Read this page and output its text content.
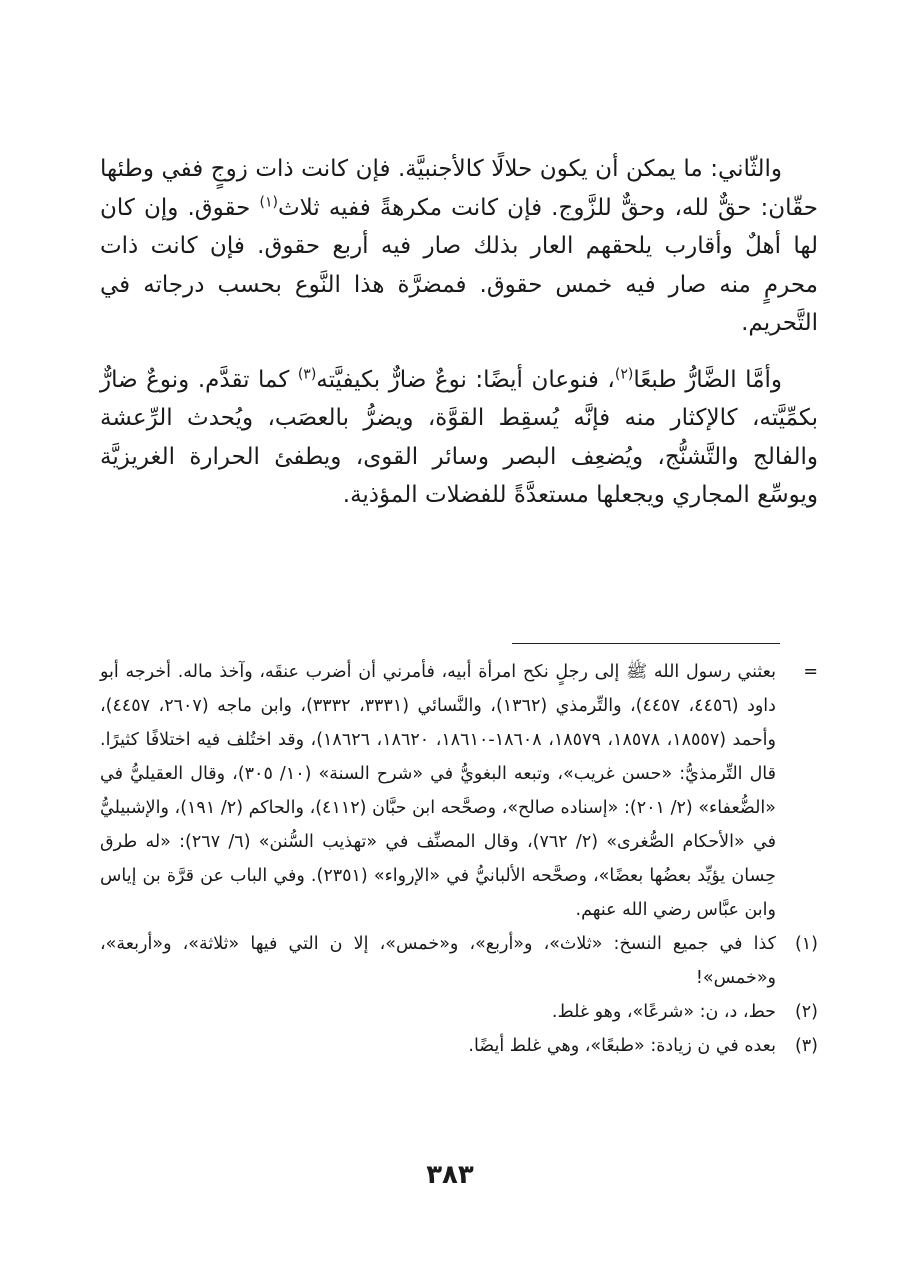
والثّاني: ما يمكن أن يكون حلالًا كالأجنبيَّة. فإن كانت ذات زوجٍ ففي وطئها حقّان: حقٌّ لله، وحقٌّ للزَّوج. فإن كانت مكرهةً ففيه ثلاث$^{(١)}$ حقوق. وإن كان لها أهلٌ وأقارب يلحقهم العار بذلك صار فيه أربع حقوق. فإن كانت ذات محرمٍ منه صار فيه خمس حقوق. فمضرَّة هذا النَّوع بحسب درجاته في التَّحريم.

وأمَّا الضَّارُّ طبعًا$^{(٢)}$، فنوعان أيضًا: نوعٌ ضارٌّ بكيفيَّته$^{(٣)}$ كما تقدَّم. ونوعٌ ضارٌّ بكمِّيَّته، كالإكثار منه فإنَّه يُسقِط القوَّة، ويضرُّ بالعصَب، ويُحدث الرِّعشة والفالج والتَّشنُّج، ويُضعِف البصر وسائر القوى، ويطفئ الحرارة الغريزيَّة ويوسِّع المجاري ويجعلها مستعدَّةً للفضلات المؤذية.

=
بعثني رسول الله ﷺ إلى رجلٍ نكح امرأة أبيه، فأمرني أن أضرب عنقَه، وآخذ ماله. أخرجه أبو داود (٤٤٥٦، ٤٤٥٧)، والتِّرمذي (١٣٦٢)، والنَّسائي (٣٣٣١، ٣٣٣٢)، وابن ماجه (٢٦٠٧، ٤٤٥٧)، وأحمد (١٨٥٥٧، ١٨٥٧٨، ١٨٥٧٩، ١٨٦٠٨-١٨٦١٠، ١٨٦٢٠، ١٨٦٢٦)، وقد اختُلف فيه اختلافًا كثيرًا. قال التِّرمذيُّ: «حسن غريب»، وتبعه البغويُّ في «شرح السنة» (١٠/ ٣٠٥)، وقال العقيليُّ في «الضُّعفاء» (٢/ ٢٠١): «إسناده صالح»، وصحَّحه ابن حبَّان (٤١١٢)، والحاكم (٢/ ١٩١)، والإشبيليُّ في «الأحكام الصُّغرى» (٢/ ٧٦٢)، وقال المصنِّف في «تهذيب السُّنن» (٦/ ٢٦٧): «له طرق حِسان يؤيِّد بعضُها بعضًا»، وصحَّحه الألبانيُّ في «الإرواء» (٢٣٥١). وفي الباب عن قرَّة بن إياس وابن عبَّاس رضي الله عنهم.
(١)
كذا في جميع النسخ: «ثلاث»، و«أربع»، و«خمس»، إلا ن التي فيها «ثلاثة»، و«أربعة»، و«خمس»!
(٢)
حط، د، ن: «شرعًا»، وهو غلط.
(٣)
بعده في ن زيادة: «طبعًا»، وهي غلط أيضًا.
٣٨٣
